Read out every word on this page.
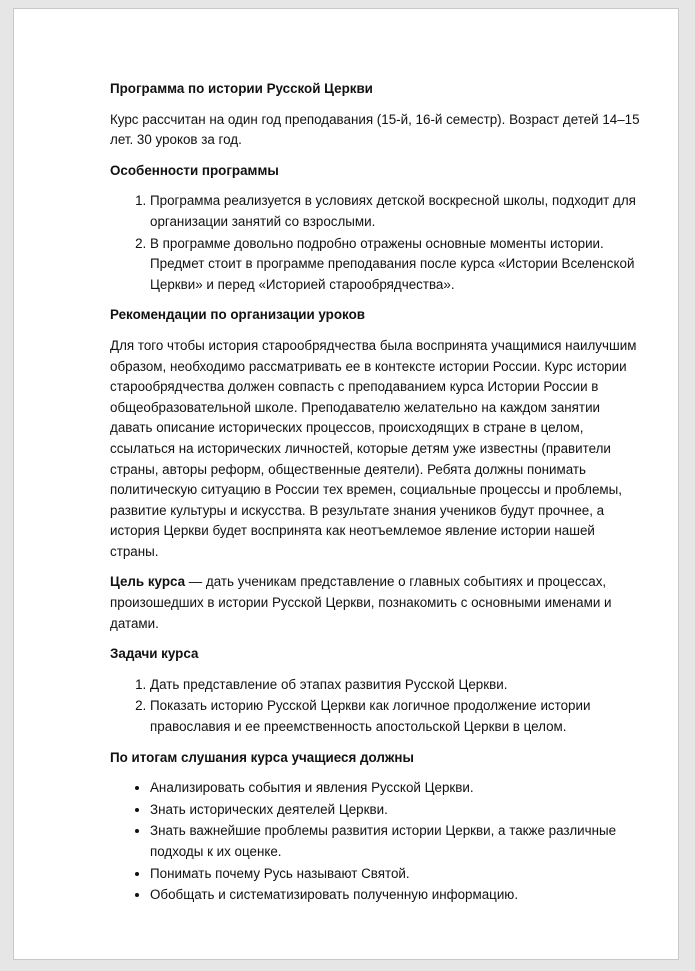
Программа по истории Русской Церкви

Курс рассчитан на один год преподавания (15-й, 16-й семестр). Возраст детей 14–15 лет. 30 уроков за год.

Особенности программы
1. Программа реализуется в условиях детской воскресной школы, подходит для организации занятий со взрослыми.
2. В программе довольно подробно отражены основные моменты истории. Предмет стоит в программе преподавания после курса «Истории Вселенской Церкви» и перед «Историей старообрядчества».
Рекомендации по организации уроков

Для того чтобы история старообрядчества была воспринята учащимися наилучшим образом, необходимо рассматривать ее в контексте истории России. Курс истории старообрядчества должен совпасть с преподаванием курса Истории России в общеобразовательной школе. Преподавателю желательно на каждом занятии давать описание исторических процессов, происходящих в стране в целом, ссылаться на исторических личностей, которые детям уже известны (правители страны, авторы реформ, общественные деятели). Ребята должны понимать политическую ситуацию в России тех времен, социальные процессы и проблемы, развитие культуры и искусства. В результате знания учеников будут прочнее, а история Церкви будет воспринята как неотъемлемое явление истории нашей страны.

Цель курса — дать ученикам представление о главных событиях и процессах, произошедших в истории Русской Церкви, познакомить с основными именами и датами.

Задачи курса
1. Дать представление об этапах развития Русской Церкви.
2. Показать историю Русской Церкви как логичное продолжение истории православия и ее преемственность апостольской Церкви в целом.
По итогам слушания курса учащиеся должны
• Анализировать события и явления Русской Церкви.
• Знать исторических деятелей Церкви.
• Знать важнейшие проблемы развития истории Церкви, а также различные подходы к их оценке.
• Понимать почему Русь называют Святой.
• Обобщать и систематизировать полученную информацию.
